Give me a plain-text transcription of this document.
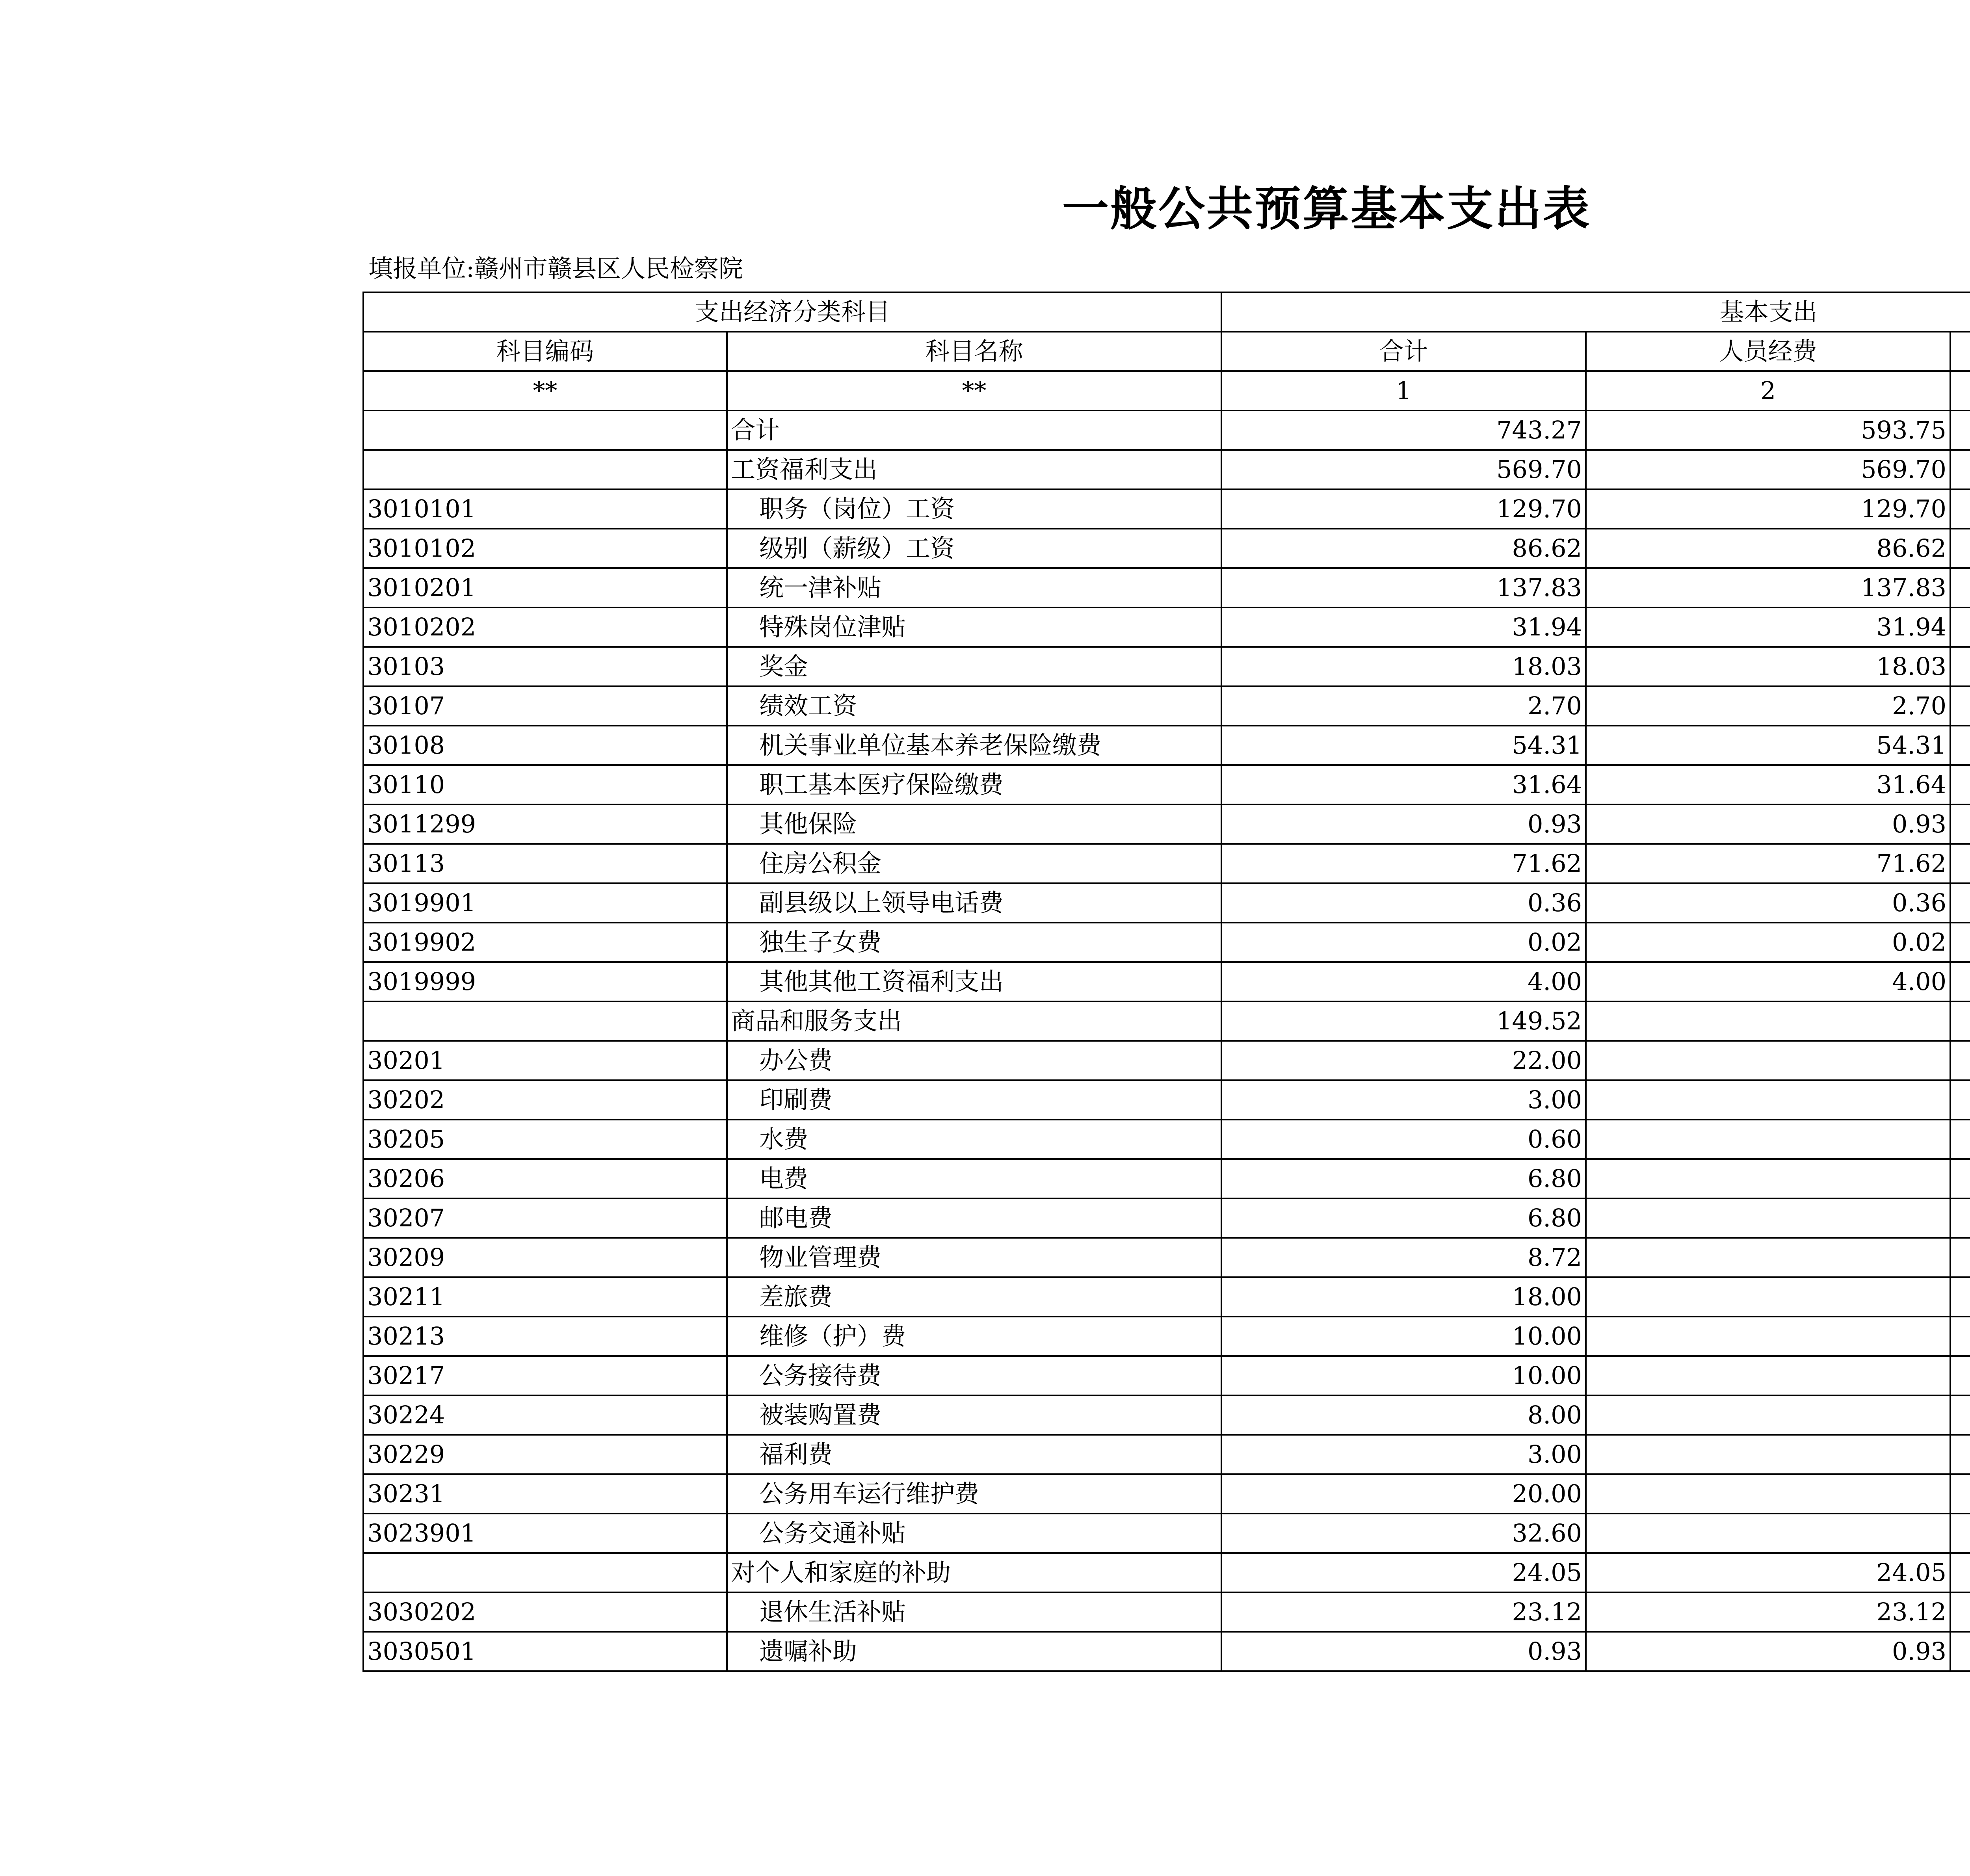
一般公共预算基本支出表
填报单位:赣州市赣县区人民检察院
支出经济分类科目		基本支出		
科目编码	科目名称	合计	人员经费	
**	**	1	2	
	合计	743.27	593.75	
	工资福利支出	569.70	569.70	
3010101	职务（岗位）工资	129.70	129.70	
3010102	级别（薪级）工资	86.62	86.62	
3010201	统一津补贴	137.83	137.83	
3010202	特殊岗位津贴	31.94	31.94	
30103	奖金	18.03	18.03	
30107	绩效工资	2.70	2.70	
30108	机关事业单位基本养老保险缴费	54.31	54.31	
30110	职工基本医疗保险缴费	31.64	31.64	
3011299	其他保险	0.93	0.93	
30113	住房公积金	71.62	71.62	
3019901	副县级以上领导电话费	0.36	0.36	
3019902	独生子女费	0.02	0.02	
3019999	其他其他工资福利支出	4.00	4.00	
	商品和服务支出	149.52		
30201	办公费	22.00		
30202	印刷费	3.00		
30205	水费	0.60		
30206	电费	6.80		
30207	邮电费	6.80		
30209	物业管理费	8.72		
30211	差旅费	18.00		
30213	维修（护）费	10.00		
30217	公务接待费	10.00		
30224	被装购置费	8.00		
30229	福利费	3.00		
30231	公务用车运行维护费	20.00		
3023901	公务交通补贴	32.60		
	对个人和家庭的补助	24.05	24.05	
3030202	退休生活补贴	23.12	23.12	
3030501	遗嘱补助	0.93	0.93	
